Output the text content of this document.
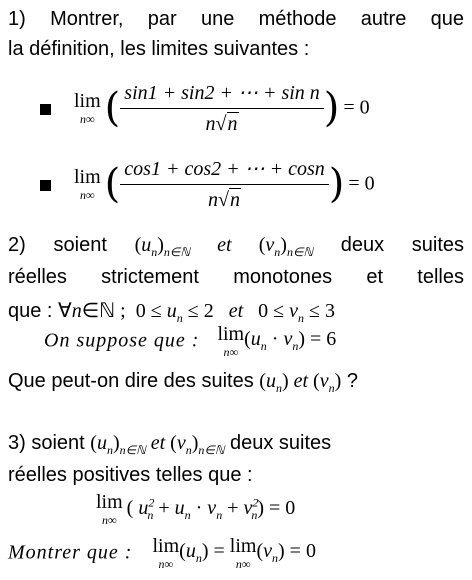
1) Montrer, par une méthode autre que
la définition, les limites suivantes :
lim
n∞ ( $\frac{\text{sin1 + sin2 + ⋯ + sin n}}{n√n}$ ) = 0
lim
n∞ ( $\frac{\cos 1 + \cos 2 + \cdots + \cos n}{n√n}$ ) = 0
2) soient $(u_n)_{n\in ℕ}$ et $(v_n)_{n\in ℕ}$ deux suites
réelles strictement monotones et telles
que : ∀n∈ℕ ;  $0 \le u_n \le 2$   et   $0 \le v_n \le 3$
On suppose que : lim
n∞
$(u_n \cdot v_n) = 6$
Que peut-on dire des suites $(u_n)$ et $(v_n)$ ?
3) soient $(u_n)_{n\in ℕ}$ et $(v_n)_{n\in ℕ}$ deux suites
réelles positives telles que :
lim
n∞
( $u^2_n + u_n \cdot v_n + v^2_n) = 0$
Montrer que : lim
n∞
$(u_n) = \lim$
n∞
$(v_n) = 0$
